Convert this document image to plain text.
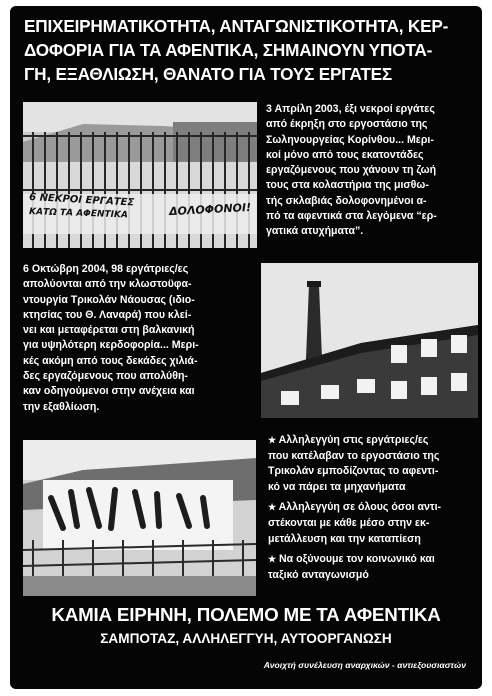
ΕΠΙΧΕΙΡΗΜΑΤΙΚΟΤΗΤΑ, ΑΝΤΑΓΩΝΙΣΤΙΚΟΤΗΤΑ, ΚΕΡ-
ΔΟΦΟΡΙΑ ΓΙΑ ΤΑ ΑΦΕΝΤΙΚΑ, ΣΗΜΑΙΝΟΥΝ ΥΠΟΤΑ-
ΓΗ, ΕΞΑΘΛΙΩΣΗ, ΘΑΝΑΤΟ ΓΙΑ ΤΟΥΣ ΕΡΓΑΤΕΣ

6 ΝΕΚΡΟΙ ΕΡΓΑΤΕΣ
ΚΑΤΩ ΤΑ ΑΦΕΝΤΙΚΑ	ΔΟΛΟΦΟΝΟΙ!

3 Απρίλη 2003, έξι νεκροί εργάτες
από έκρηξη στο εργοστάσιο της
Σωληνουργείας Κορίνθου... Μερι-
κοί μόνο από τους εκατοντάδες
εργαζόμενους που χάνουν τη ζωή
τους στα κολαστήρια της μισθω-
τής σκλαβιάς δολοφονημένοι α-
πό τα αφεντικά στα λεγόμενα “ερ-
γατικά ατυχήματα”.

6 Οκτώβρη 2004, 98 εργάτριες/ες
απολύονται από την κλωστοϋφα-
ντουργία Τρικολάν Νάουσας (ιδιο-
κτησίας του Θ. Λαναρά) που κλεί-
νει και μεταφέρεται στη βαλκανική
για υψηλότερη κερδοφορία... Μερι-
κές ακόμη από τους δεκάδες χιλιά-
δες εργαζόμενους που απολύθη-
καν οδηγούμενοι στην ανέχεια και
την εξαθλίωση.

★ Αλληλεγγύη στις εργάτριες/ες
που κατέλαβαν το εργοστάσιο της
Τρικολάν εμποδίζοντας το αφεντι-
κό να πάρει τα μηχανήματα
★ Αλληλεγγύη σε όλους όσοι αντι-
στέκονται με κάθε μέσο στην εκ-
μετάλλευση και την καταπίεση
★ Να οξύνουμε τον κοινωνικό και
ταξικό ανταγωνισμό

ΚΑΜΙΑ ΕΙΡΗΝΗ, ΠΟΛΕΜΟ ΜΕ ΤΑ ΑΦΕΝΤΙΚΑ

ΣΑΜΠΟΤΑΖ, ΑΛΛΗΛΕΓΓΥΗ, ΑΥΤΟΟΡΓΑΝΩΣΗ

Ανοιχτή συνέλευση αναρχικών - αντιεξουσιαστών
